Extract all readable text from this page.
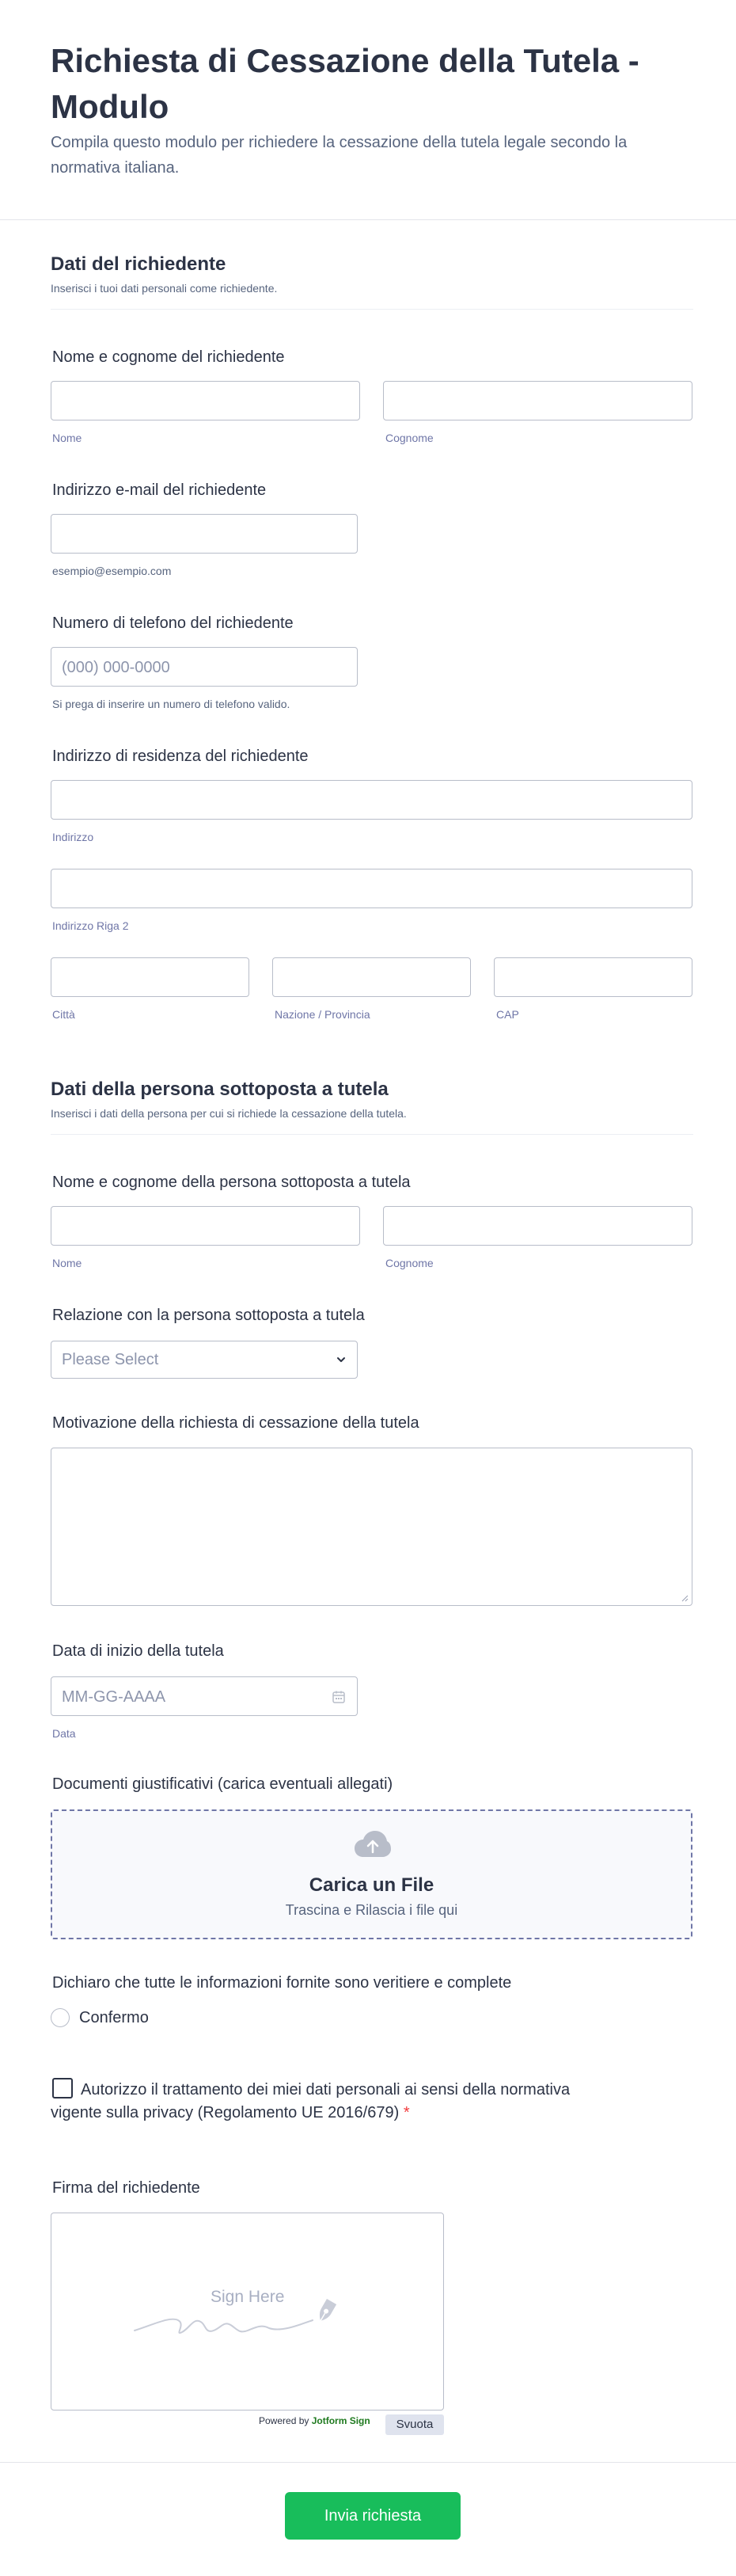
Richiesta di Cessazione della Tutela - Modulo
Compila questo modulo per richiedere la cessazione della tutela legale secondo la normativa italiana.
Dati del richiedente
Inserisci i tuoi dati personali come richiedente.
Nome e cognome del richiedente
Nome	Cognome
Indirizzo e-mail del richiedente
esempio@esempio.com
Numero di telefono del richiedente
(000) 000-0000
Si prega di inserire un numero di telefono valido.
Indirizzo di residenza del richiedente
Indirizzo
Indirizzo Riga 2
Città	Nazione / Provincia	CAP
Dati della persona sottoposta a tutela
Inserisci i dati della persona per cui si richiede la cessazione della tutela.
Nome e cognome della persona sottoposta a tutela
Nome	Cognome
Relazione con la persona sottoposta a tutela
Please Select
Motivazione della richiesta di cessazione della tutela
Data di inizio della tutela
MM-GG-AAAA
Data
Documenti giustificativi (carica eventuali allegati)
Carica un File
Trascina e Rilascia i file qui
Dichiaro che tutte le informazioni fornite sono veritiere e complete
Confermo
Autorizzo il trattamento dei miei dati personali ai sensi della normativa vigente sulla privacy (Regolamento UE 2016/679) *
Firma del richiedente
Sign Here
Powered by Jotform Sign	Svuota
Invia richiesta
